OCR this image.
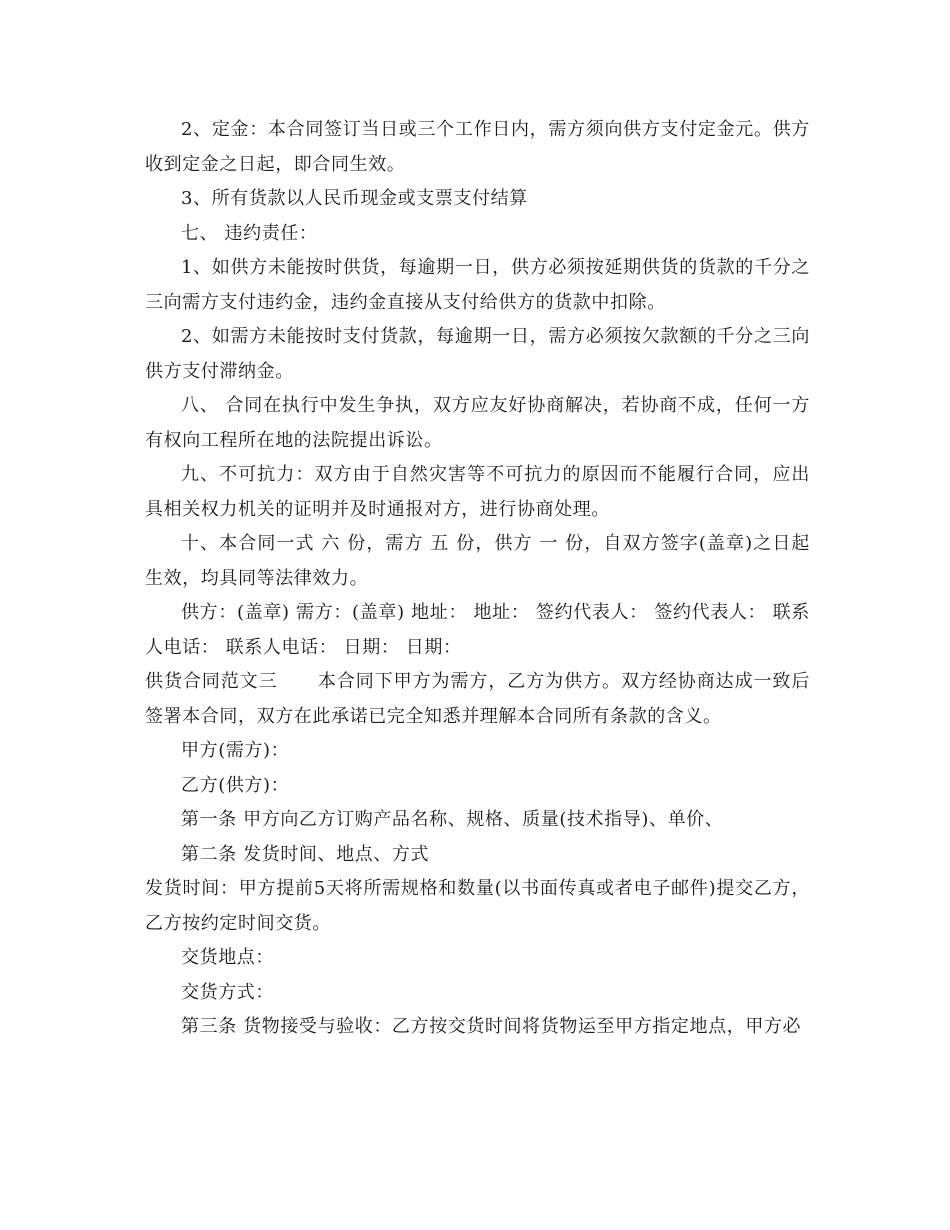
2、定金：本合同签订当日或三个工作日内，需方须向供方支付定金元。供方收到定金之日起，即合同生效。

3、所有货款以人民币现金或支票支付结算

七、 违约责任：

1、如供方未能按时供货，每逾期一日，供方必须按延期供货的货款的千分之三向需方支付违约金，违约金直接从支付给供方的货款中扣除。

2、如需方未能按时支付货款，每逾期一日，需方必须按欠款额的千分之三向供方支付滞纳金。

八、 合同在执行中发生争执，双方应友好协商解决，若协商不成，任何一方有权向工程所在地的法院提出诉讼。

九、不可抗力：双方由于自然灾害等不可抗力的原因而不能履行合同，应出具相关权力机关的证明并及时通报对方，进行协商处理。

十、本合同一式 六 份，需方 五 份，供方 一 份，自双方签字(盖章)之日起生效，均具同等法律效力。

供方：(盖章) 需方：(盖章) 地址： 地址： 签约代表人： 签约代表人： 联系人电话： 联系人电话： 日期： 日期：

供货合同范文三 本合同下甲方为需方，乙方为供方。双方经协商达成一致后签署本合同，双方在此承诺已完全知悉并理解本合同所有条款的含义。

甲方(需方)：

乙方(供方)：

第一条 甲方向乙方订购产品名称、规格、质量(技术指导)、单价、

第二条 发货时间、地点、方式

发货时间：甲方提前5天将所需规格和数量(以书面传真或者电子邮件)提交乙方，乙方按约定时间交货。

交货地点：

交货方式：

第三条 货物接受与验收：乙方按交货时间将货物运至甲方指定地点，甲方必
